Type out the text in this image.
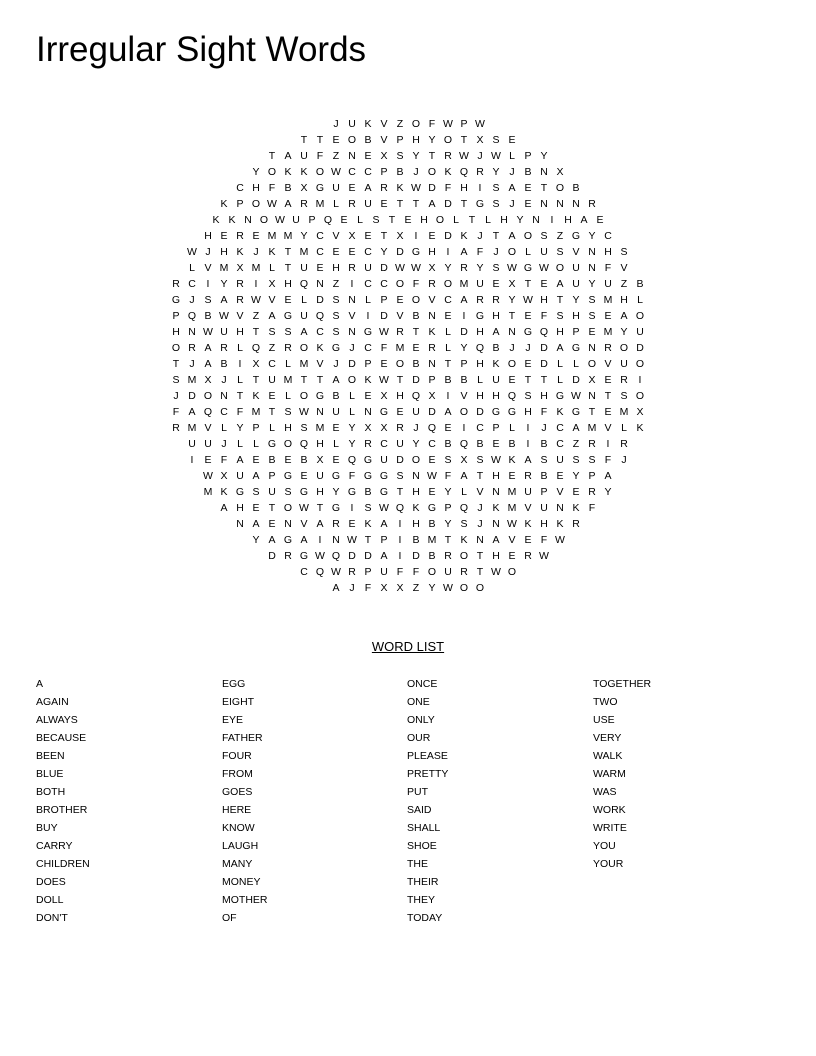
Irregular Sight Words
J U K V Z O F W P W
T T E O B V P H Y O T X S E
T A U F Z N E X S Y T R W J W L P Y
Y O K K O W C C P B J O K Q R Y J B N X
C H F B X G U E A R K W D F H	I	S A E T O B
K P O W A R M L R U E T T A D T G S J E N N N R
K K N O W U P Q E L S T E H O L T L H Y N	I	H A E
H E R E M M Y C V X E T X	I	E D K J T A O S Z G Y C
W J H K J K T M C E E C Y D G H	I	A F J O L U S V N H S
L V M X M L T U E H R U D W W X Y R Y S W G W O U N F V
R C	I	Y R	I	X H Q N Z	I	C C O F R O M U E X T E A U Y U Z B
G J S A R W V E L D S N L P E O V C A R R Y W H T Y S M H L
P Q B W V Z A G U Q S V	I	D V B N E	I G H T E F S H S E A O
H N W U H T S S A C S N G W R T K L D H A N G Q H P E M Y U
O R A R L Q Z R O K G J C F M E R L Y Q B J	J D A G N R O D
T J A B	I	X C L M V J D P E O B N T P H K O E D L L O V U O
S M X J L T U M T T A O K W T D P B B L U E T T L D X E R	I
J D O N T K E L O G B L E X H Q X	I	V H H Q S H G W N T S O
F A Q C F M T S W N U L N G E U D A O D G G H F K G T E M X
R M V L Y P L H S M E Y X X R J Q E	I	C P L	I	J C A M V L K
U U J L L G O Q H L Y R C U Y C B Q B E B	I	B C Z R	I	R
I	E F A E B E B X E Q G U D O E S X S W K A S U S S F J
W X U A P G E U G F G G S N W F A T H E R B E Y P A
M K G S U S G H Y G B G T H E Y L V N M U P V E R Y
A H E T O W T G I	S W Q K G P Q J K M V U N K F
N A E N V A R E K A	I	H B Y S J N W K H K R
Y A G A	I	N W T P	I	B M T K N A V E F W
D R G W Q D D A	I	D B R O T H E R W
C Q W R P U F F O U R T W O
A J F X X Z Y W O O
WORD LIST
A
AGAIN
ALWAYS
BECAUSE
BEEN
BLUE
BOTH
BROTHER
BUY
CARRY
CHILDREN
DOES
DOLL
DON'T
EGG
EIGHT
EYE
FATHER
FOUR
FROM
GOES
HERE
KNOW
LAUGH
MANY
MONEY
MOTHER
OF
ONCE
ONE
ONLY
OUR
PLEASE
PRETTY
PUT
SAID
SHALL
SHOE
THE
THEIR
THEY
TODAY
TOGETHER
TWO
USE
VERY
WALK
WARM
WAS
WORK
WRITE
YOU
YOUR
